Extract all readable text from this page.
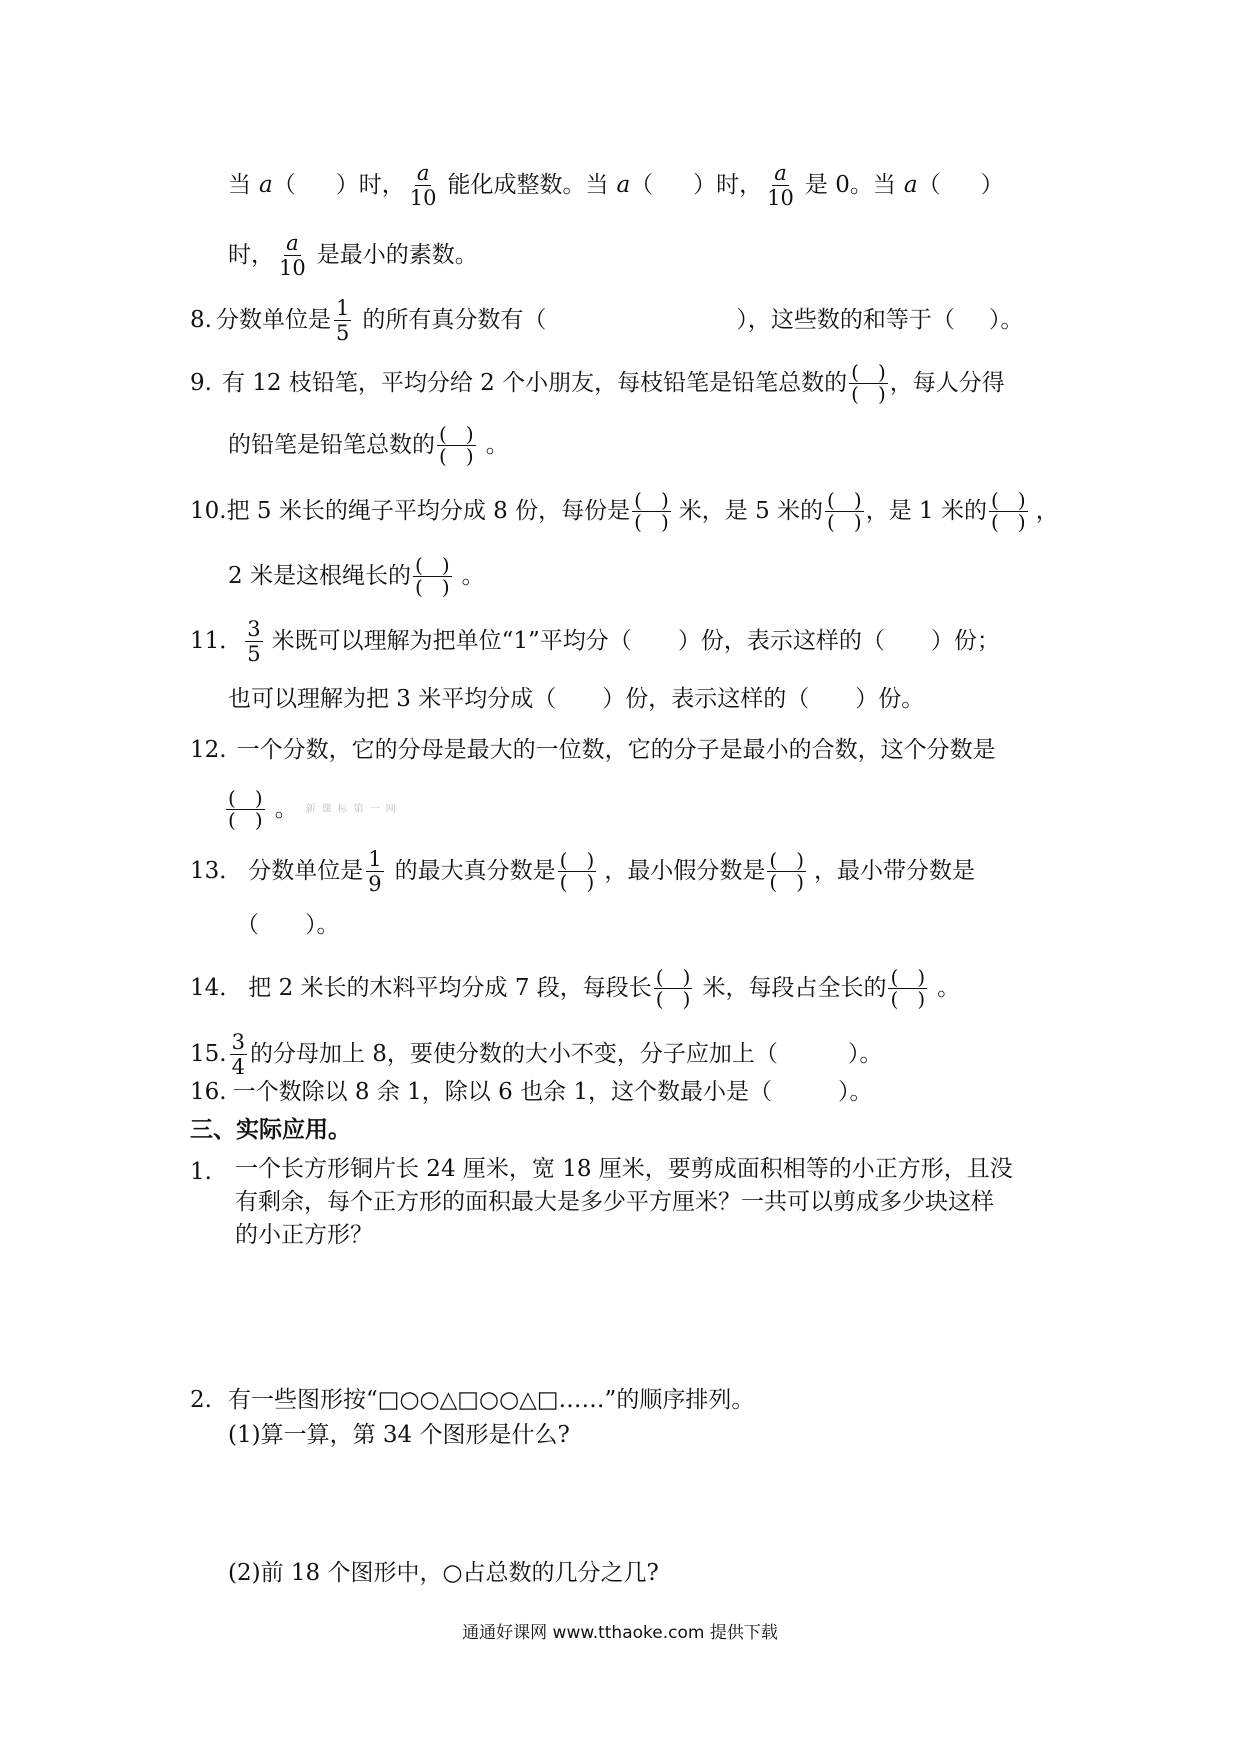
当 a （ ）时， $\frac{a}{10}$ 能化成整数。当 a （ ）时， $\frac{a}{10}$ 是 0。当 a （ ）
时， $\frac{a}{10}$ 是最小的素数。
8. 分数单位是 $\frac{1}{5}$ 的所有真分数有（	），这些数的和等于（ ）。
9. 有 12 枝铅笔，平均分给 2 个小朋友，每枝铅笔是铅笔总数的 $\frac{( )}{( )}$ ，每人分得
的铅笔是铅笔总数的 $\frac{( )}{( )}$ 。
10. 把 5 米长的绳子平均分成 8 份，每份是 $\frac{( )}{( )}$ 米，是 5 米的 $\frac{( )}{( )}$ ，是 1 米的 $\frac{( )}{( )}$ ，
2 米是这根绳长的 $\frac{( )}{( )}$ 。
11． $\frac{3}{5}$ 米既可以理解为把单位“1”平均分（ ）份，表示这样的（ ）份；
也可以理解为把 3 米平均分成（ ）份，表示这样的（ ）份。
12. 一个分数，它的分母是最大的一位数，它的分子是最小的合数，这个分数是
$\frac{( )}{( )}$ 。 新课标第一网
13． 分数单位是 $\frac{1}{9}$ 的最大真分数是 $\frac{( )}{( )}$ ，最小假分数是 $\frac{( )}{( )}$ ，最小带分数是
（　　）。
14． 把 2 米长的木料平均分成 7 段，每段长 $\frac{( )}{( )}$ 米，每段占全长的 $\frac{( )}{( )}$ 。
15. $\frac{3}{4}$ 的分母加上 8，要使分数的大小不变，分子应加上（	）。
16. 一个数除以 8 余 1，除以 6 也余 1，这个数最小是（	）。
三、实际应用。
1. 一个长方形铜片长 24 厘米，宽 18 厘米，要剪成面积相等的小正方形，且没
有剩余，每个正方形的面积最大是多少平方厘米？一共可以剪成多少块这样
的小正方形？
2. 有一些图形按“□○○△□○○△□……”的顺序排列。
(1)算一算，第 34 个图形是什么?
(2)前 18 个图形中，○占总数的几分之几?
通通好课网 www.tthaoke.com 提供下载
